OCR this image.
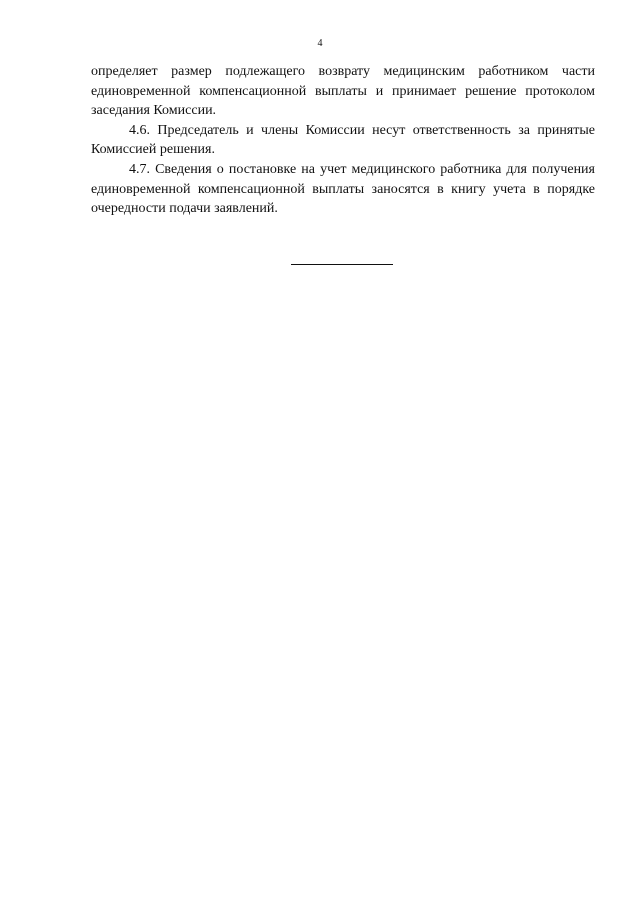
4

определяет размер подлежащего возврату медицинским работником части единовременной компенсационной выплаты и принимает решение протоколом заседания Комиссии.

4.6. Председатель и члены Комиссии несут ответственность за принятые Комиссией решения.

4.7. Сведения о постановке на учет медицинского работника для получения единовременной компенсационной выплаты заносятся в книгу учета в порядке очередности подачи заявлений.
